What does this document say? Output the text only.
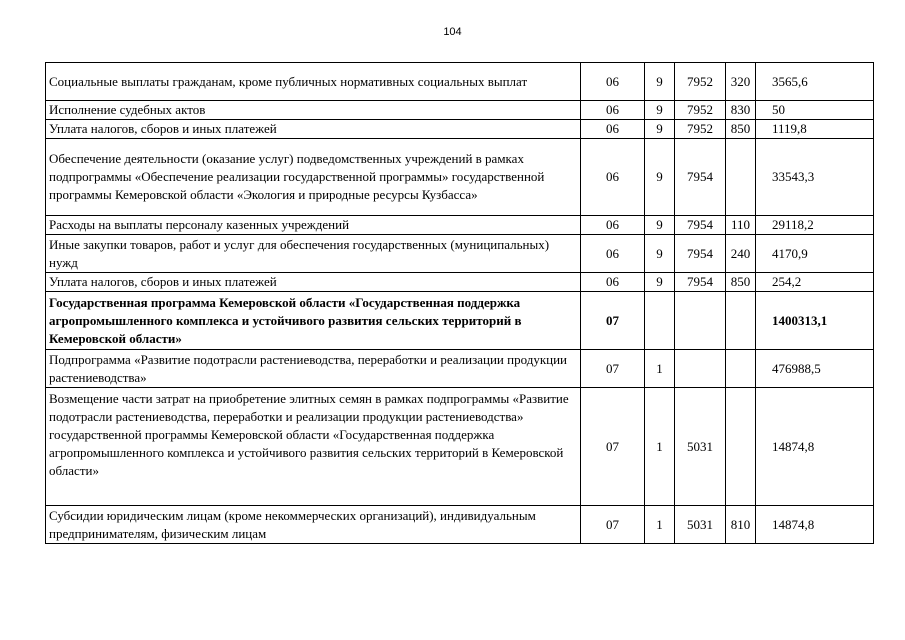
104
Социальные выплаты гражданам, кроме публичных нормативных социальных выплат	06	9	7952	320	3565,6
Исполнение судебных актов	06	9	7952	830	50
Уплата налогов, сборов и иных платежей	06	9	7952	850	1119,8
Обеспечение деятельности (оказание услуг) подведомственных учреждений в рамках подпрограммы «Обеспечение реализации государственной программы» государственной программы Кемеровской области «Экология и природные ресурсы Кузбасса»	06	9	7954		33543,3
Расходы на выплаты персоналу казенных учреждений	06	9	7954	110	29118,2
Иные закупки товаров, работ и услуг для обеспечения государственных (муниципальных) нужд	06	9	7954	240	4170,9
Уплата налогов, сборов и иных платежей	06	9	7954	850	254,2
Государственная программа Кемеровской области «Государственная поддержка агропромышленного комплекса и устойчивого развития сельских территорий в Кемеровской области»	07				1400313,1
Подпрограмма «Развитие подотрасли растениеводства, переработки и реализации продукции растениеводства»	07	1			476988,5
Возмещение части затрат на приобретение элитных семян в рамках подпрограммы «Развитие подотрасли растениеводства, переработки и реализации продукции растениеводства» государственной программы Кемеровской области «Государственная поддержка агропромышленного комплекса и устойчивого развития сельских территорий в Кемеровской области»	07	1	5031		14874,8
Субсидии юридическим лицам (кроме некоммерческих организаций), индивидуальным предпринимателям, физическим лицам	07	1	5031	810	14874,8
